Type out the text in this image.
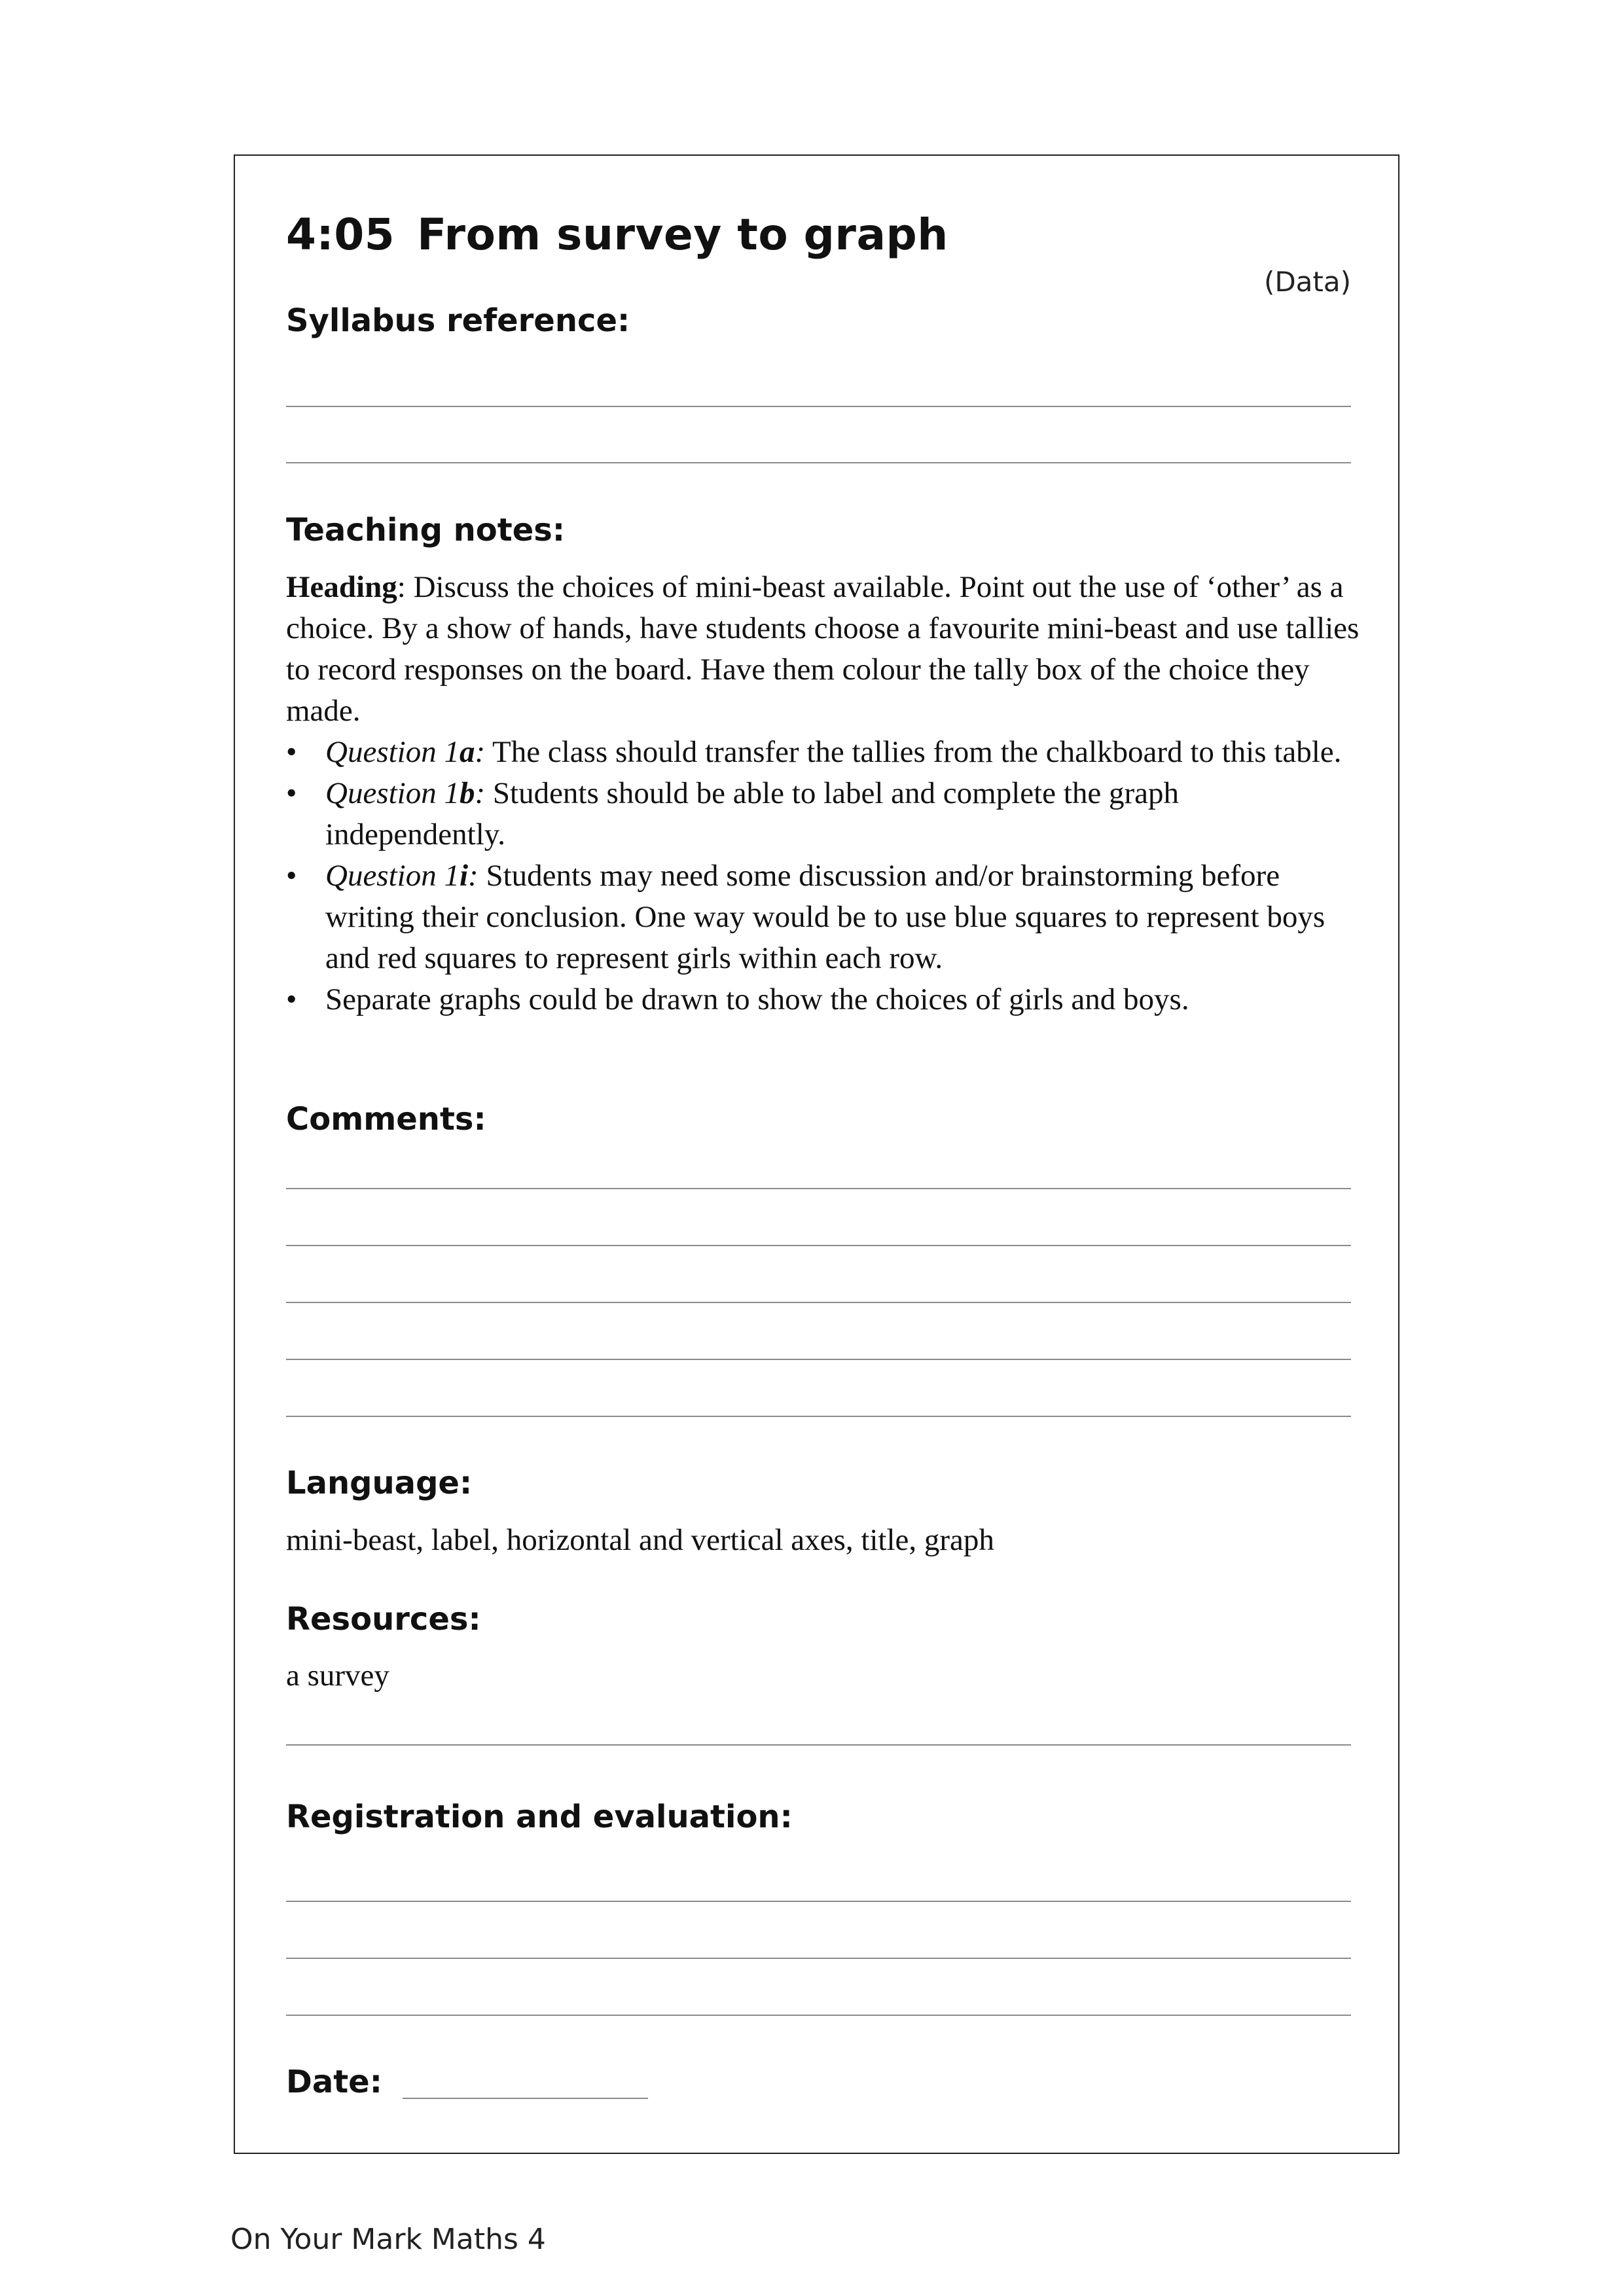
4:05 From survey to graph
(Data)
Syllabus reference:
Teaching notes:

Heading: Discuss the choices of mini-beast available. Point out the use of ‘other’ as a choice. By a show of hands, have students choose a favourite mini-beast and use tallies to record responses on the board. Have them colour the tally box of the choice they made.

• Question 1a: The class should transfer the tallies from the chalkboard to this table.
• Question 1b: Students should be able to label and complete the graph independently.
• Question 1i: Students may need some discussion and/or brainstorming before writing their conclusion. One way would be to use blue squares to represent boys and red squares to represent girls within each row.
• Separate graphs could be drawn to show the choices of girls and boys.
Comments:
Language:
mini-beast, label, horizontal and vertical axes, title, graph
Resources:
a survey
Registration and evaluation:
Date:
On Your Mark Maths 4
